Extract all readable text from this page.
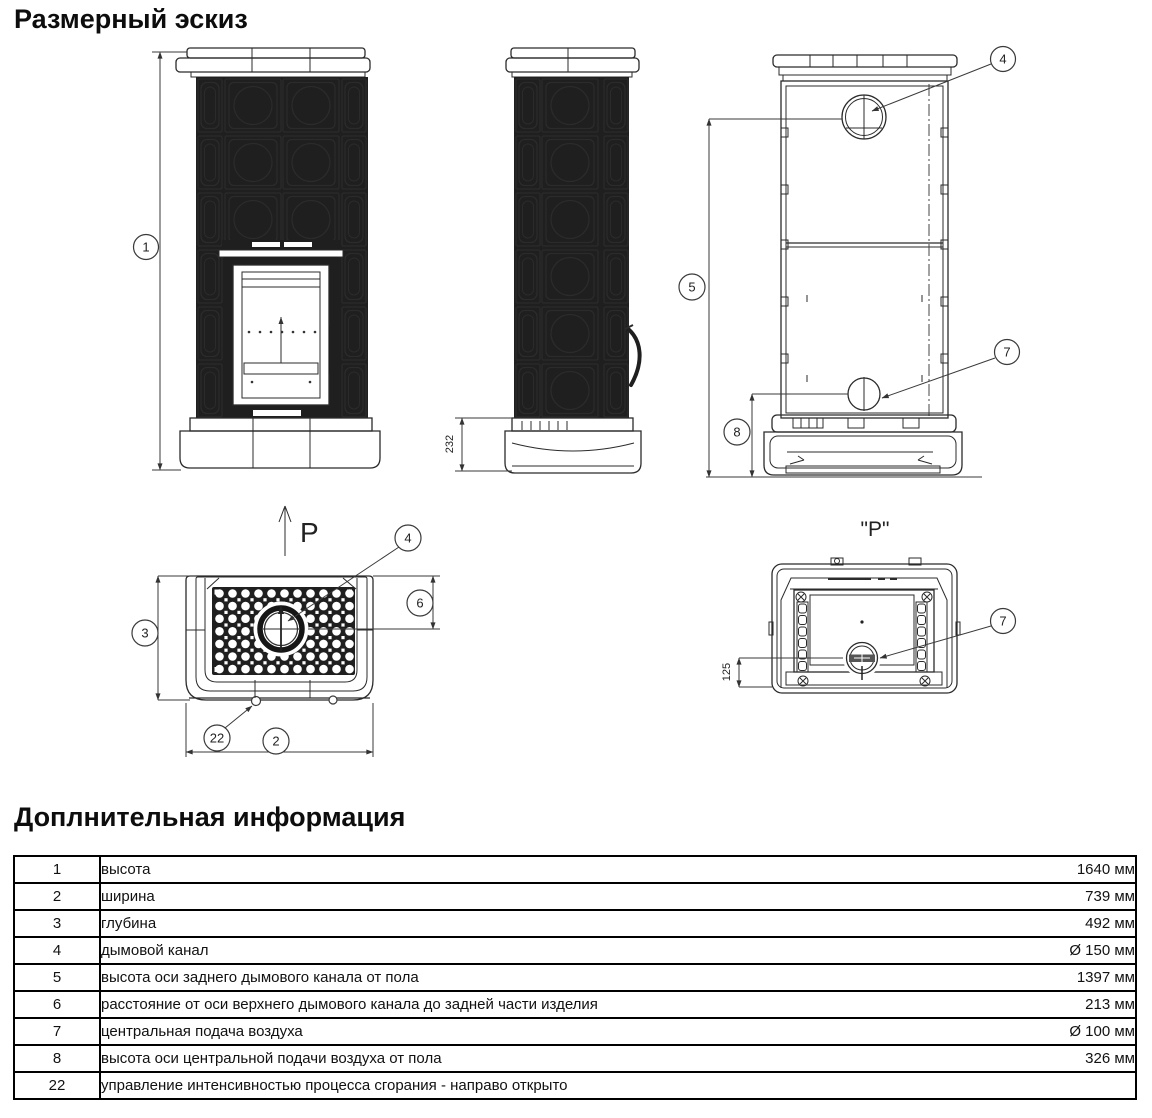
Размерный эскиз
1
232
4
5
8
7
P	4
6
3
22	2
"P"
125
7
Доплнительная информация
1	высота 1640 мм

2	ширина 739 мм

3	глубина 492 мм

4	дымовой канал Ø 150 мм

5	высота оси заднего дымового канала от пола 1397 мм

6	расстояние от оси верхнего дымового канала до задней части изделия 213 мм

7	центральная подача воздуха Ø 100 мм

8	высота оси центральной подачи воздуха от пола 326 мм

22	управление интенсивностью процесса сгорания - направо открыто
